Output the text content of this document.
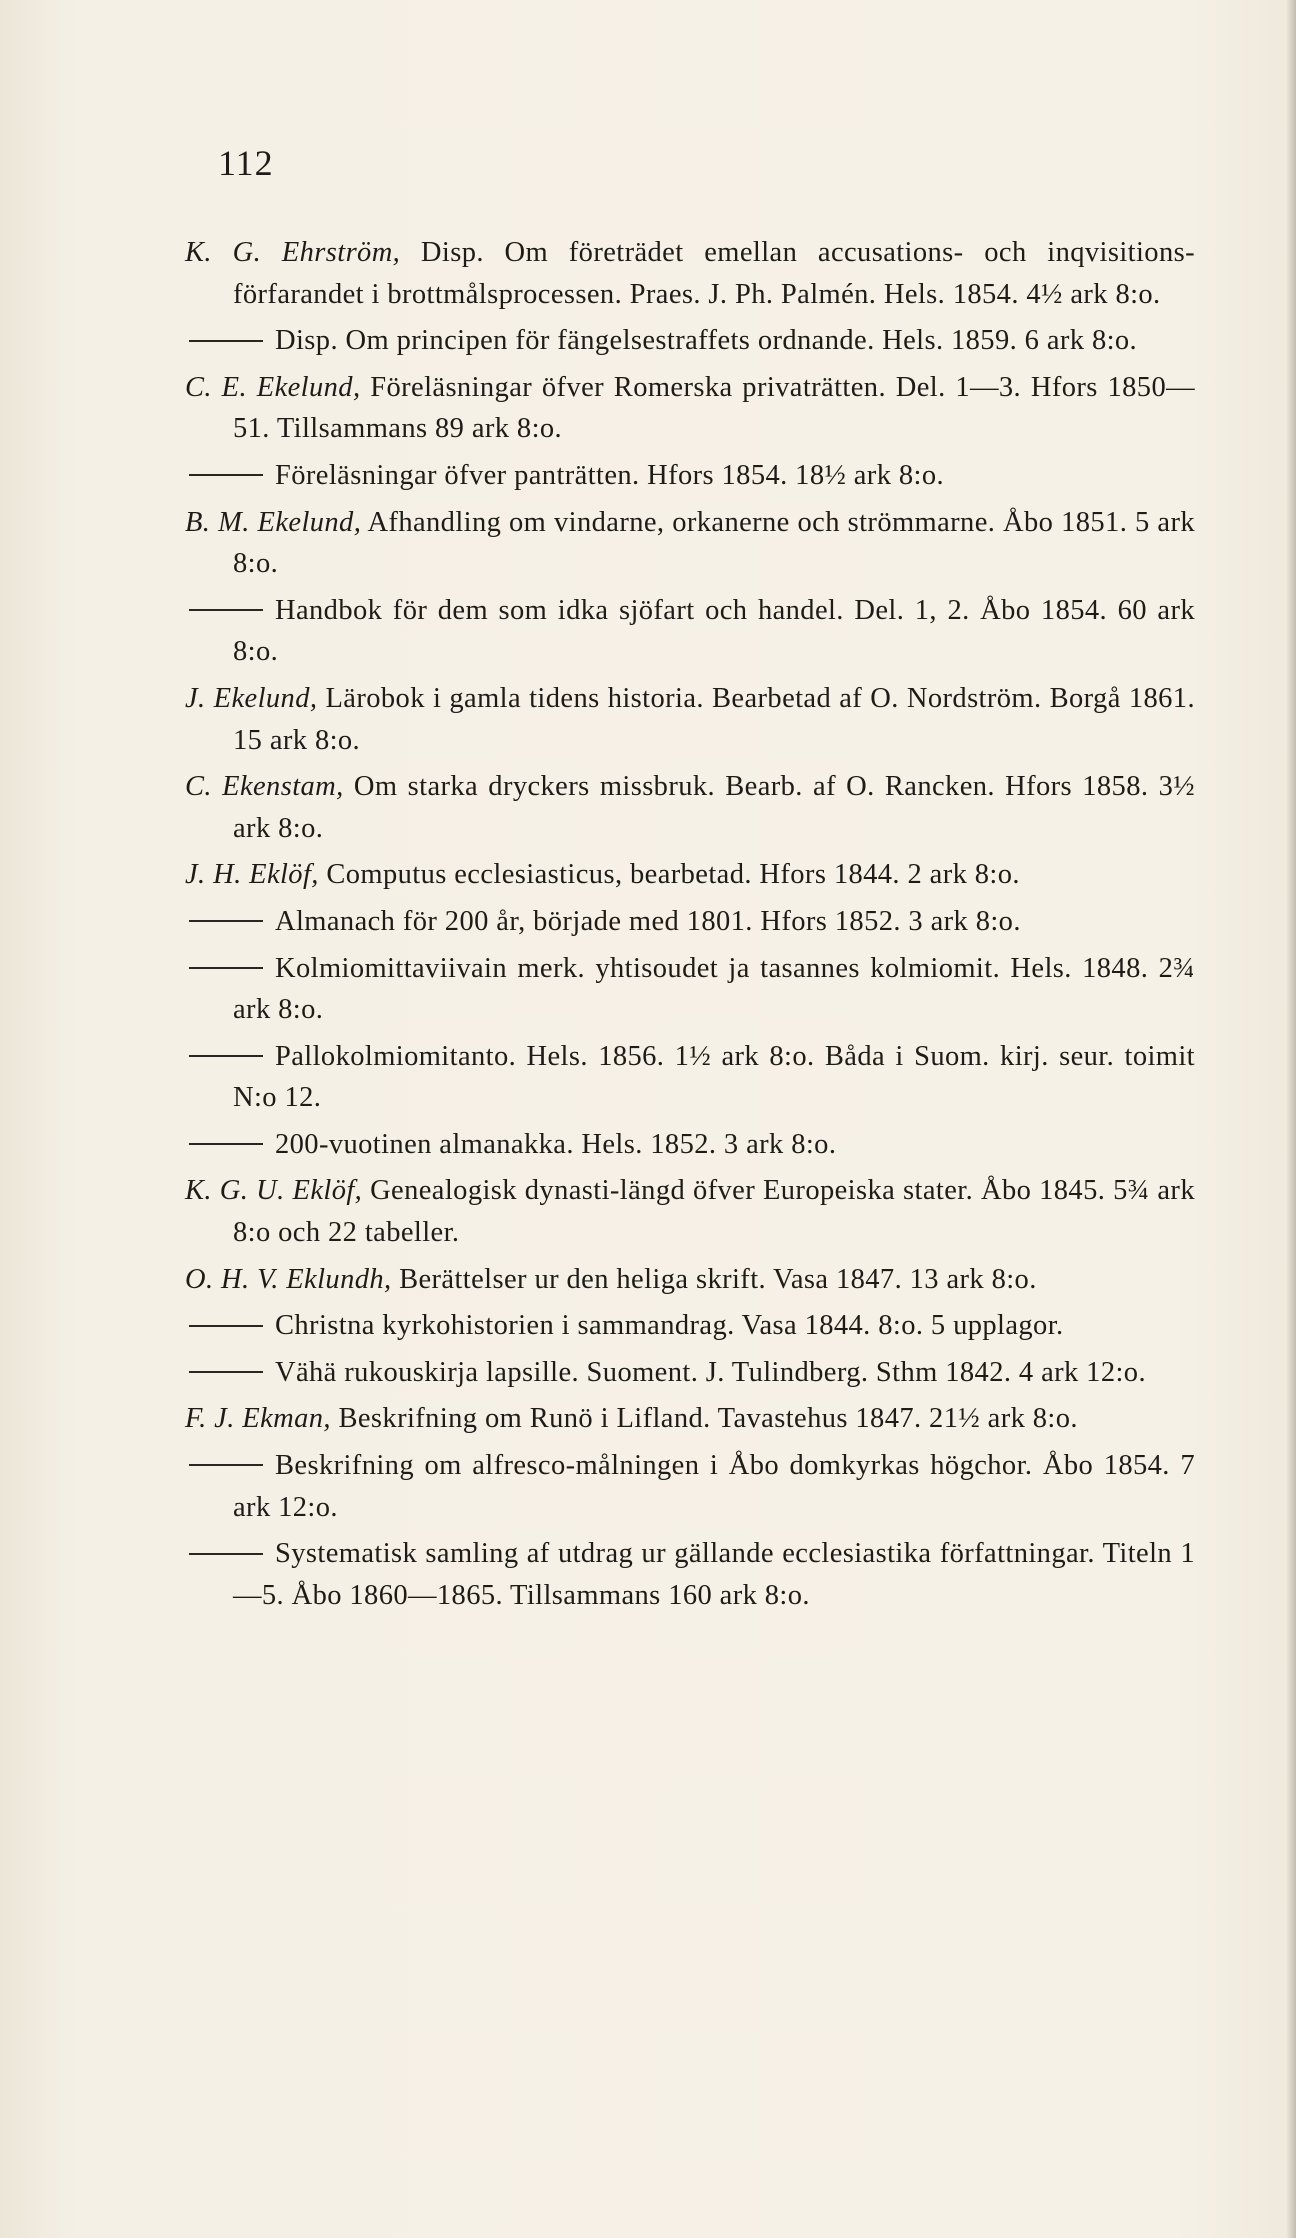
112

K. G. Ehrström, Disp. Om företrädet emellan accusations- och inqvisitions-förfarandet i brottmålsprocessen. Praes. J. Ph. Palmén. Hels. 1854. 4½ ark 8:o.

Disp. Om principen för fängelsestraffets ordnande. Hels. 1859. 6 ark 8:o.

C. E. Ekelund, Föreläsningar öfver Romerska privaträtten. Del. 1—3. Hfors 1850—51. Tillsammans 89 ark 8:o.

Föreläsningar öfver panträtten. Hfors 1854. 18½ ark 8:o.

B. M. Ekelund, Afhandling om vindarne, orkanerne och strömmarne. Åbo 1851. 5 ark 8:o.

Handbok för dem som idka sjöfart och handel. Del. 1, 2. Åbo 1854. 60 ark 8:o.

J. Ekelund, Lärobok i gamla tidens historia. Bearbetad af O. Nordström. Borgå 1861. 15 ark 8:o.

C. Ekenstam, Om starka dryckers missbruk. Bearb. af O. Rancken. Hfors 1858. 3½ ark 8:o.

J. H. Eklöf, Computus ecclesiasticus, bearbetad. Hfors 1844. 2 ark 8:o.

Almanach för 200 år, började med 1801. Hfors 1852. 3 ark 8:o.

Kolmiomittaviivain merk. yhtisoudet ja tasannes kolmiomit. Hels. 1848. 2¾ ark 8:o.

Pallokolmiomitanto. Hels. 1856. 1½ ark 8:o. Båda i Suom. kirj. seur. toimit N:o 12.

200-vuotinen almanakka. Hels. 1852. 3 ark 8:o.

K. G. U. Eklöf, Genealogisk dynasti-längd öfver Europeiska stater. Åbo 1845. 5¾ ark 8:o och 22 tabeller.

O. H. V. Eklundh, Berättelser ur den heliga skrift. Vasa 1847. 13 ark 8:o.

Christna kyrkohistorien i sammandrag. Vasa 1844. 8:o. 5 upplagor.

Vähä rukouskirja lapsille. Suoment. J. Tulindberg. Sthm 1842. 4 ark 12:o.

F. J. Ekman, Beskrifning om Runö i Lifland. Tavastehus 1847. 21½ ark 8:o.

Beskrifning om alfresco-målningen i Åbo domkyrkas högchor. Åbo 1854. 7 ark 12:o.

Systematisk samling af utdrag ur gällande ecclesiastika författningar. Titeln 1—5. Åbo 1860—1865. Tillsammans 160 ark 8:o.
